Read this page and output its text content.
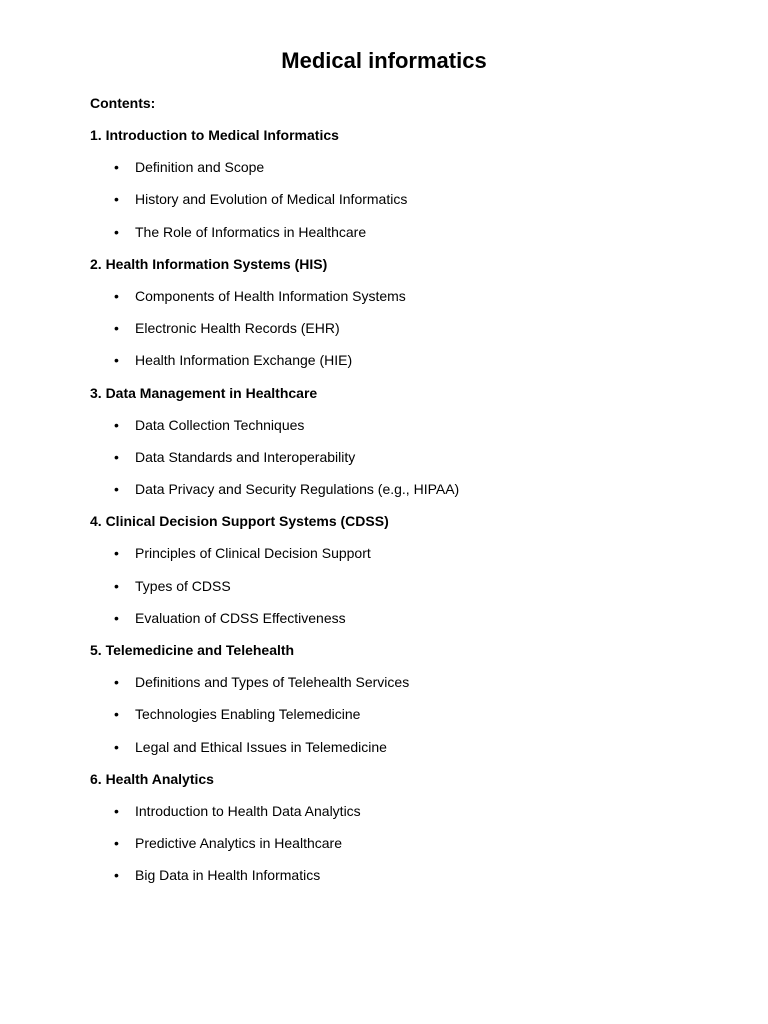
Medical informatics
Contents:
1. Introduction to Medical Informatics
•	Definition and Scope
•	History and Evolution of Medical Informatics
•	The Role of Informatics in Healthcare
2. Health Information Systems (HIS)
•	Components of Health Information Systems
•	Electronic Health Records (EHR)
•	Health Information Exchange (HIE)
3. Data Management in Healthcare
•	Data Collection Techniques
•	Data Standards and Interoperability
•	Data Privacy and Security Regulations (e.g., HIPAA)
4. Clinical Decision Support Systems (CDSS)
•	Principles of Clinical Decision Support
•	Types of CDSS
•	Evaluation of CDSS Effectiveness
5. Telemedicine and Telehealth
•	Definitions and Types of Telehealth Services
•	Technologies Enabling Telemedicine
•	Legal and Ethical Issues in Telemedicine
6. Health Analytics
•	Introduction to Health Data Analytics
•	Predictive Analytics in Healthcare
•	Big Data in Health Informatics
